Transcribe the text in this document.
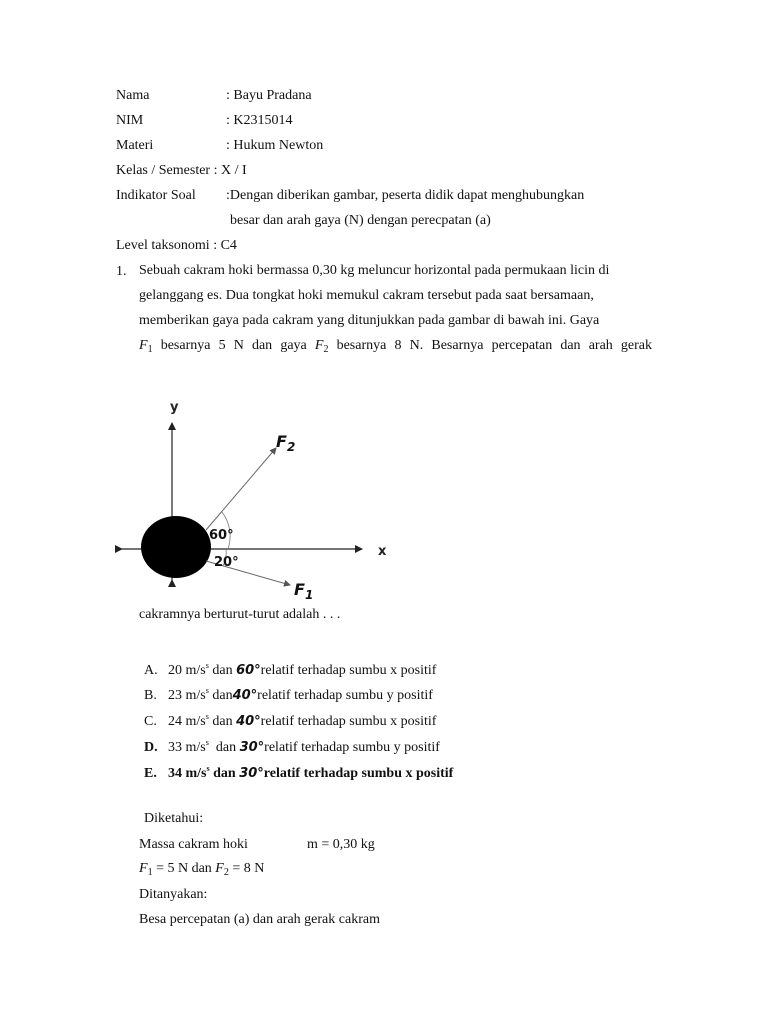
Nama	: Bayu Pradana
NIM	: K2315014
Materi	: Hukum Newton
Kelas / Semester : X / I
Indikator Soal :Dengan diberikan gambar, peserta didik dapat menghubungkan
besar dan arah gaya (N) dengan perecpatan (a)
Level taksonomi : C4
1. Sebuah cakram hoki bermassa 0,30 kg meluncur horizontal pada permukaan licin di
gelanggang es. Dua tongkat hoki memukul cakram tersebut pada saat bersamaan,
memberikan gaya pada cakram yang ditunjukkan pada gambar di bawah ini. Gaya
$F_1$ besarnya 5 N dan gaya $F_2$ besarnya 8 N. Besarnya percepatan dan arah gerak
y
x
$F_2$
$F_1$
60°
20°
cakramnya berturut-turut adalah . . .
A. 20 $m/s^s$ dan 60°relatif terhadap sumbu x positif
B. 23 $m/s^s$ dan40°relatif terhadap sumbu y positif
C. 24 $m/s^s$ dan 40°relatif terhadap sumbu x positif
D. 33 $m/s^s$  dan 30°relatif terhadap sumbu y positif
E. 34 $m/s^s$ dan 30°relatif terhadap sumbu x positif
Diketahui:
Massa cakram hoki	m = 0,30 kg
$F_1 = 5$ N dan $F_2 = 8$ N
Ditanyakan:
Besa percepatan (a) dan arah gerak cakram
